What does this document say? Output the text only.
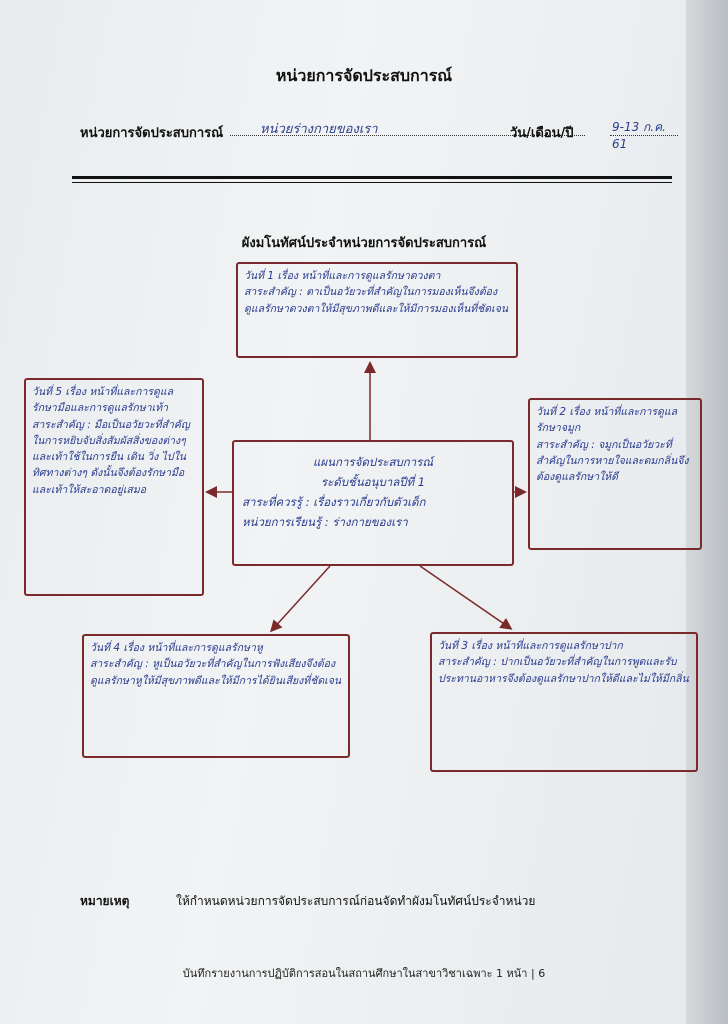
หน่วยการจัดประสบการณ์
หน่วยการจัดประสบการณ์	หน่วยร่างกายของเรา	วัน/เดือน/ปี	9-13 ก.ค. 61
ผังมโนทัศน์ประจำหน่วยการจัดประสบการณ์

วันที่ 1 เรื่อง หน้าที่และการดูแลรักษาดวงตา

สาระสำคัญ : ตาเป็นอวัยวะที่สำคัญในการมองเห็นจึงต้องดูแลรักษาดวงตาให้มีสุขภาพดีและให้มีการมองเห็นที่ชัดเจน

แผนการจัดประสบการณ์

ระดับชั้นอนุบาลปีที่ 1

สาระที่ควรรู้ : เรื่องราวเกี่ยวกับตัวเด็ก

หน่วยการเรียนรู้ : ร่างกายของเรา

วันที่ 5 เรื่อง หน้าที่และการดูแลรักษามือและการดูแลรักษาเท้า

สาระสำคัญ : มือเป็นอวัยวะที่สำคัญในการหยิบจับสิ่งสัมผัสสิ่งของต่างๆ และเท้าใช้ในการยืน เดิน วิ่ง ไปในทิศทางต่างๆ ดังนั้นจึงต้องรักษามือและเท้าให้สะอาดอยู่เสมอ

วันที่ 2 เรื่อง หน้าที่และการดูแลรักษาจมูก

สาระสำคัญ : จมูกเป็นอวัยวะที่สำคัญในการหายใจและดมกลิ่นจึงต้องดูแลรักษาให้ดี

วันที่ 4 เรื่อง หน้าที่และการดูแลรักษาหู

สาระสำคัญ : หูเป็นอวัยวะที่สำคัญในการฟังเสียงจึงต้องดูแลรักษาหูให้มีสุขภาพดีและให้มีการได้ยินเสียงที่ชัดเจน

วันที่ 3 เรื่อง หน้าที่และการดูแลรักษาปาก

สาระสำคัญ : ปากเป็นอวัยวะที่สำคัญในการพูดและรับประทานอาหารจึงต้องดูแลรักษาปากให้ดีและไม่ให้มีกลิ่น

หมายเหตุ	ให้กำหนดหน่วยการจัดประสบการณ์ก่อนจัดทำผังมโนทัศน์ประจำหน่วย
บันทึกรายงานการปฏิบัติการสอนในสถานศึกษาในสาขาวิชาเฉพาะ 1 หน้า | 6
